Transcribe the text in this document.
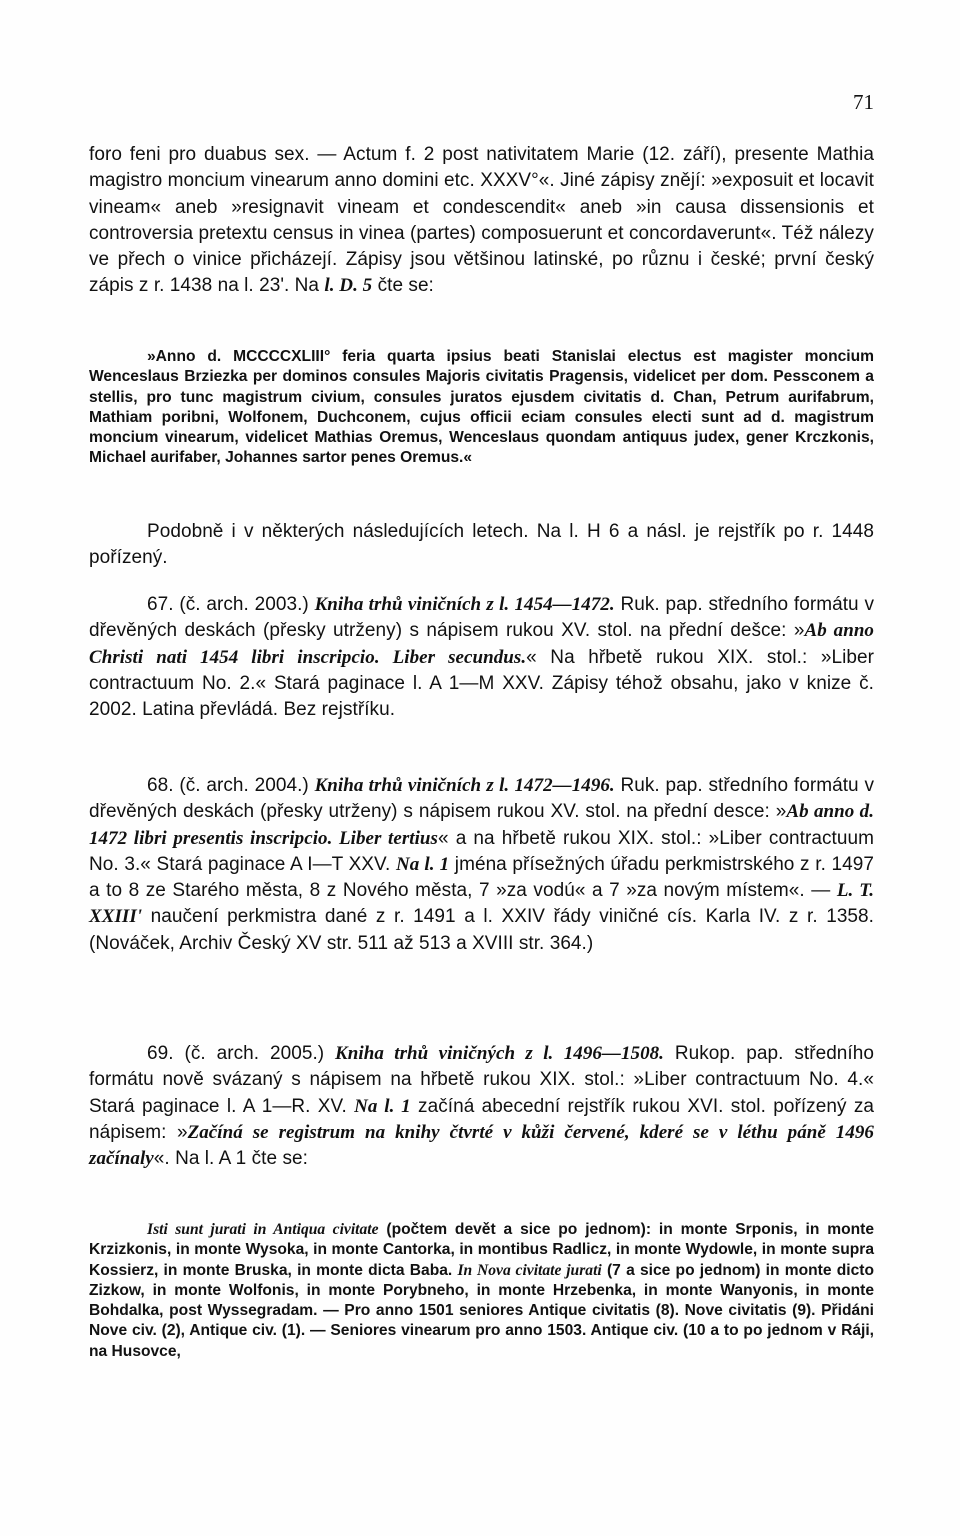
71

foro feni pro duabus sex. — Actum f. 2 post nativitatem Marie (12. září), presente Mathia magistro moncium vinearum anno domini etc. XXXV°«. Jiné zápisy znějí: »exposuit et locavit vineam« aneb »resignavit vineam et condescendit« aneb »in causa dissensionis et controversia pretextu census in vinea (partes) composuerunt et concordaverunt«. Též nálezy ve přech o vinice přicházejí. Zápisy jsou většinou latinské, po různu i české; první český zápis z r. 1438 na l. 23'. Na l. D. 5 čte se:

»Anno d. MCCCCXLIII° feria quarta ipsius beati Stanislai electus est magister moncium Wenceslaus Brziezka per dominos consules Majoris civitatis Pragensis, videlicet per dom. Pessconem a stellis, pro tunc magistrum civium, consules juratos ejusdem civitatis d. Chan, Petrum aurifabrum, Mathiam poribni, Wolfonem, Duchconem, cujus officii eciam consules electi sunt ad d. magistrum moncium vinearum, videlicet Mathias Oremus, Wenceslaus quondam antiquus judex, gener Krczkonis, Michael aurifaber, Johannes sartor penes Oremus.«

Podobně i v některých následujících letech. Na l. H 6 a násl. je rejstřík po r. 1448 pořízený.

67. (č. arch. 2003.) Kniha trhů viničních z l. 1454—1472. Ruk. pap. středního formátu v dřevěných deskách (přesky utrženy) s nápisem rukou XV. stol. na přední dešce: »Ab anno Christi nati 1454 libri inscripcio. Liber secundus.« Na hřbetě rukou XIX. stol.: »Liber contractuum No. 2.« Stará paginace l. A 1—M XXV. Zápisy téhož obsahu, jako v knize č. 2002. Latina převládá. Bez rejstříku.

68. (č. arch. 2004.) Kniha trhů viničních z l. 1472—1496. Ruk. pap. středního formátu v dřevěných deskách (přesky utrženy) s nápisem rukou XV. stol. na přední desce: »Ab anno d. 1472 libri presentis inscripcio. Liber tertius« a na hřbetě rukou XIX. stol.: »Liber contractuum No. 3.« Stará paginace A I—T XXV. Na l. 1 jména přísežných úřadu perkmistrského z r. 1497 a to 8 ze Starého města, 8 z Nového města, 7 »za vodú« a 7 »za novým místem«. — L. T. XXIII' naučení perkmistra dané z r. 1491 a l. XXIV řády viničné cís. Karla IV. z r. 1358. (Nováček, Archiv Český XV str. 511 až 513 a XVIII str. 364.)

69. (č. arch. 2005.) Kniha trhů viničných z l. 1496—1508. Rukop. pap. středního formátu nově svázaný s nápisem na hřbetě rukou XIX. stol.: »Liber contractuum No. 4.« Stará paginace l. A 1—R. XV. Na l. 1 začíná abecední rejstřík rukou XVI. stol. pořízený za nápisem: »Začíná se registrum na knihy čtvrté v kůži červené, kderé se v léthu páně 1496 začínaly«. Na l. A 1 čte se:

Isti sunt jurati in Antiqua civitate (počtem devět a sice po jednom): in monte Srponis, in monte Krzizkonis, in monte Wysoka, in monte Cantorka, in montibus Radlicz, in monte Wydowle, in monte supra Kossierz, in monte Bruska, in monte dicta Baba. In Nova civitate jurati (7 a sice po jednom) in monte dicto Zizkow, in monte Wolfonis, in monte Porybneho, in monte Hrzebenka, in monte Wanyonis, in monte Bohdalka, post Wyssegradam. — Pro anno 1501 seniores Antique civitatis (8). Nove civitatis (9). Přidáni Nove civ. (2), Antique civ. (1). — Seniores vinearum pro anno 1503. Antique civ. (10 a to po jednom v Ráji, na Husovce,
